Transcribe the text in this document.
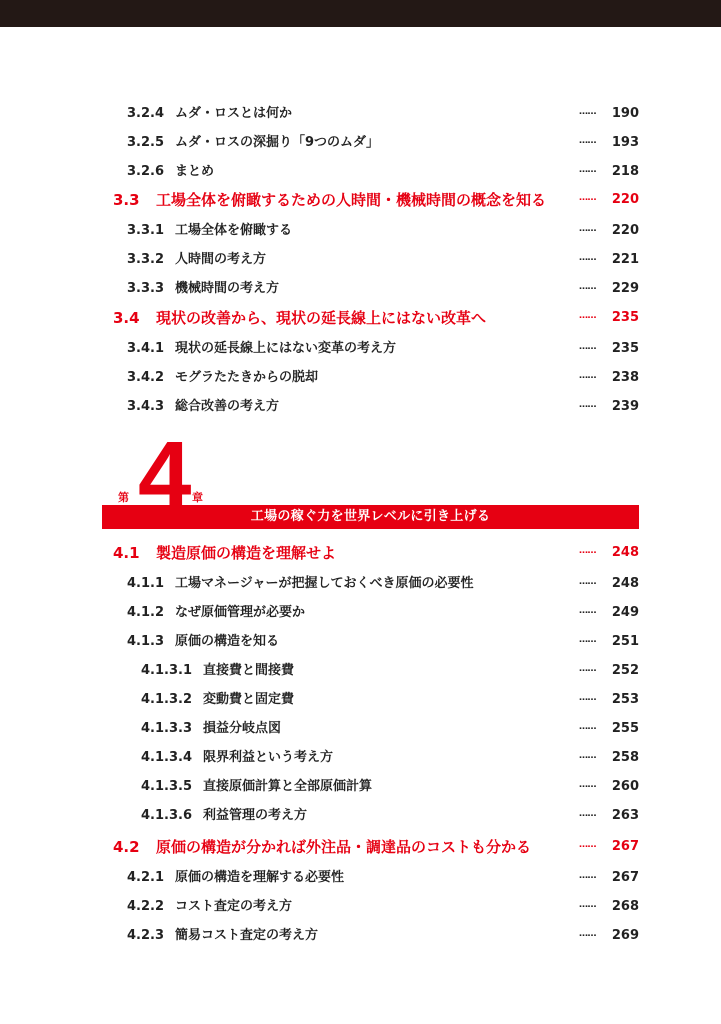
3.2.4 ムダ・ロスとは何か	…… 190
3.2.5 ムダ・ロスの深掘り「9つのムダ」	…… 193
3.2.6 まとめ	…… 218
3.3 工場全体を俯瞰するための人時間・機械時間の概念を知る	…… 220
3.3.1 工場全体を俯瞰する	…… 220
3.3.2 人時間の考え方	…… 221
3.3.3 機械時間の考え方	…… 229
3.4 現状の改善から、現状の延長線上にはない改革へ	…… 235
3.4.1 現状の延長線上にはない変革の考え方	…… 235
3.4.2 モグラたたきからの脱却	…… 238
3.4.3 総合改善の考え方	…… 239
第
工場の稼ぐ力を世界レベルに引き上げる
4 章
4.1 製造原価の構造を理解せよ	…… 248
4.1.1 工場マネージャーが把握しておくべき原価の必要性	…… 248
4.1.2 なぜ原価管理が必要か	…… 249
4.1.3 原価の構造を知る	…… 251
4.1.3.1 直接費と間接費	…… 252
4.1.3.2 変動費と固定費	…… 253
4.1.3.3 損益分岐点図	…… 255
4.1.3.4 限界利益という考え方	…… 258
4.1.3.5 直接原価計算と全部原価計算	…… 260
4.1.3.6 利益管理の考え方	…… 263
4.2 原価の構造が分かれば外注品・調達品のコストも分かる	…… 267
4.2.1 原価の構造を理解する必要性	…… 267
4.2.2 コスト査定の考え方	…… 268
4.2.3 簡易コスト査定の考え方	…… 269
